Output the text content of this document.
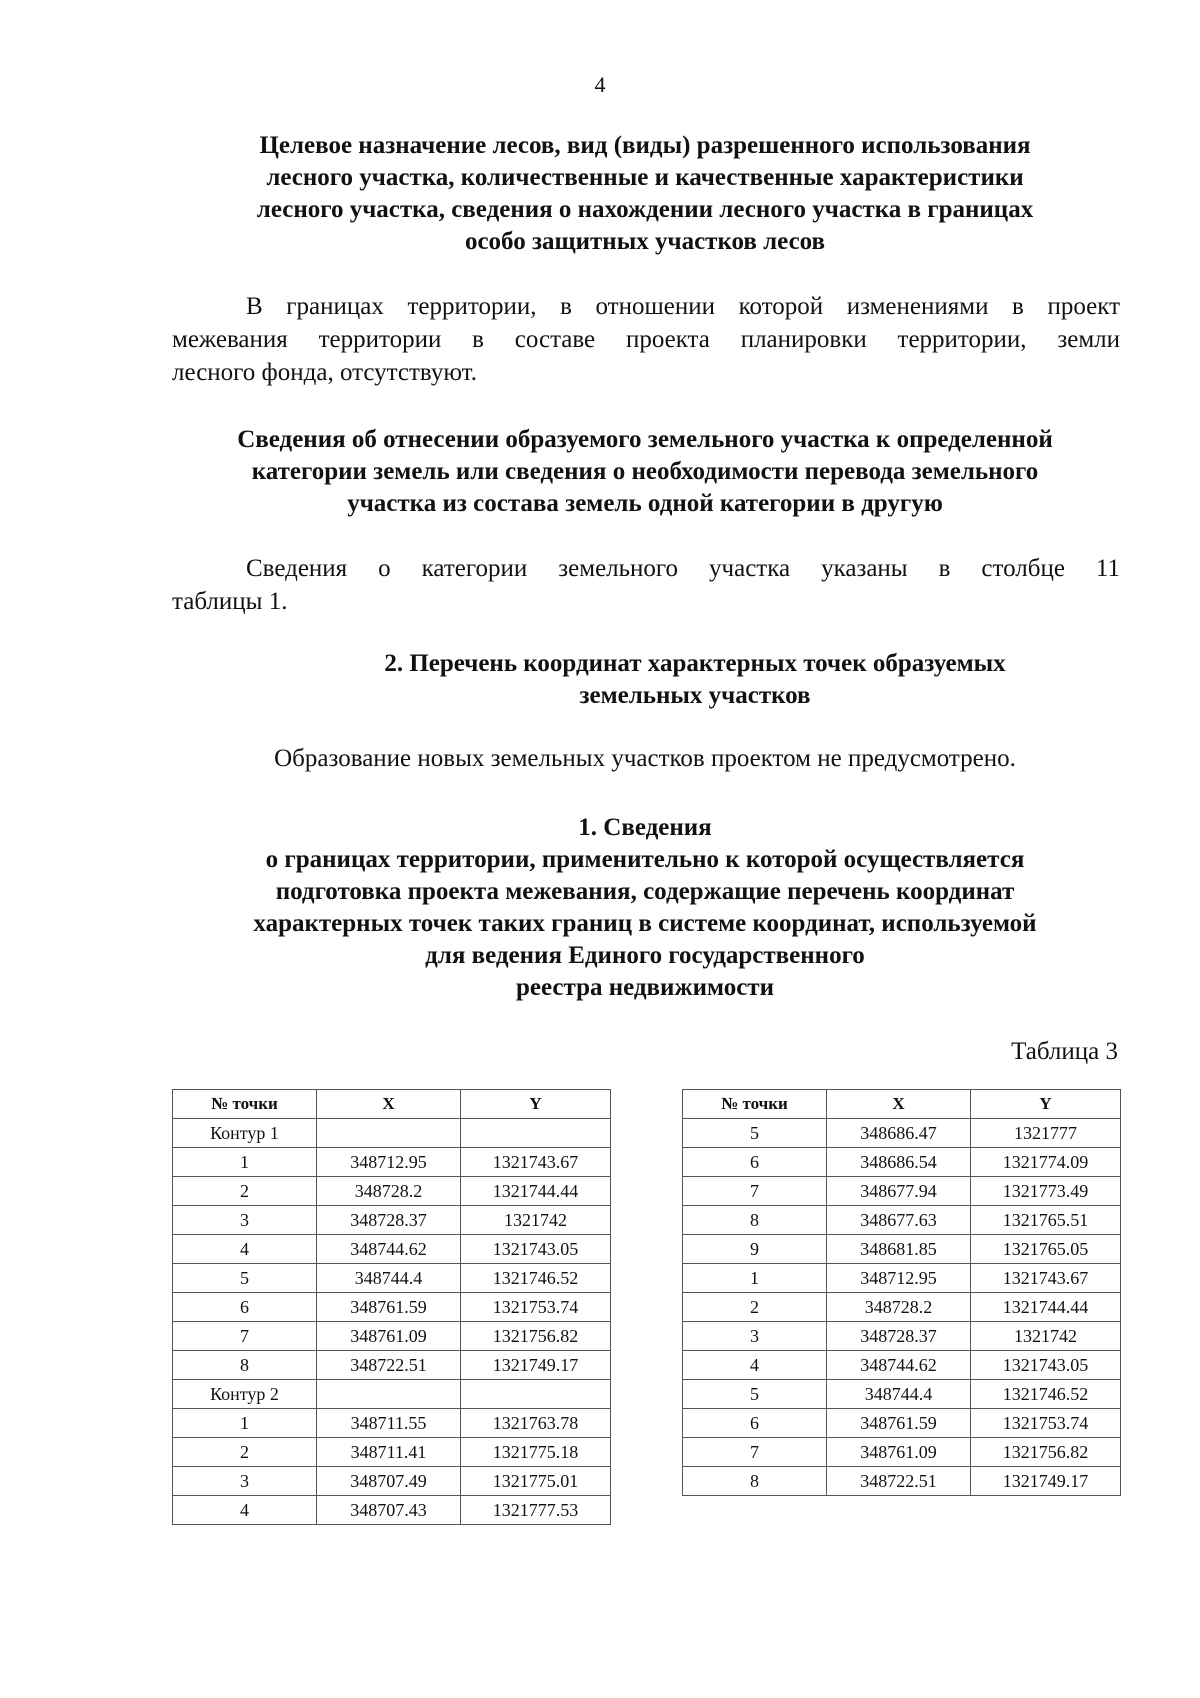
4
Целевое назначение лесов, вид (виды) разрешенного использования
лесного участка, количественные и качественные характеристики
лесного участка, сведения о нахождении лесного участка в границах
особо защитных участков лесов
В границах территории, в отношении которой изменениями в проект
межевания территории в составе проекта планировки территории, земли
лесного фонда, отсутствуют.
Сведения об отнесении образуемого земельного участка к определенной
категории земель или сведения о необходимости перевода земельного
участка из состава земель одной категории в другую
Сведения о категории земельного участка указаны в столбце 11
таблицы 1.
2. Перечень координат характерных точек образуемых
земельных участков
Образование новых земельных участков проектом не предусмотрено.
1. Сведения
о границах территории, применительно к которой осуществляется
подготовка проекта межевания, содержащие перечень координат
характерных точек таких границ в системе координат, используемой
для ведения Единого государственного
реестра недвижимости
Таблица 3
№ точки	X	Y
Контур 1		
1	348712.95	1321743.67
2	348728.2	1321744.44
3	348728.37	1321742
4	348744.62	1321743.05
5	348744.4	1321746.52
6	348761.59	1321753.74
7	348761.09	1321756.82
8	348722.51	1321749.17
Контур 2		
1	348711.55	1321763.78
2	348711.41	1321775.18
3	348707.49	1321775.01
4	348707.43	1321777.53
№ точки	X	Y
5	348686.47	1321777
6	348686.54	1321774.09
7	348677.94	1321773.49
8	348677.63	1321765.51
9	348681.85	1321765.05
1	348712.95	1321743.67
2	348728.2	1321744.44
3	348728.37	1321742
4	348744.62	1321743.05
5	348744.4	1321746.52
6	348761.59	1321753.74
7	348761.09	1321756.82
8	348722.51	1321749.17
